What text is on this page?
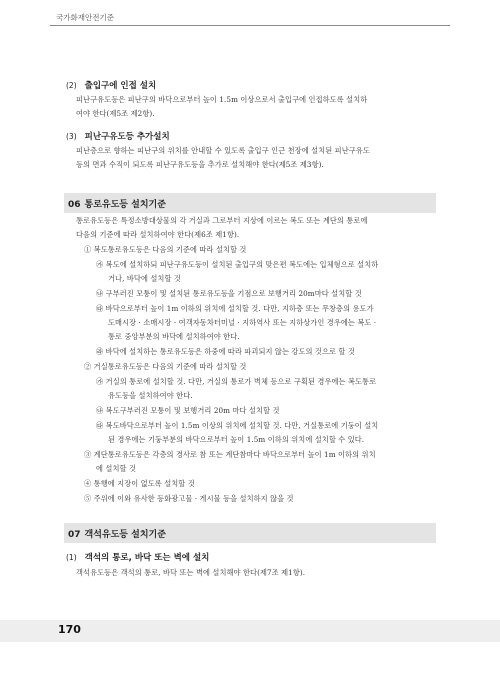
국가화재안전기준
(2) 출입구에 인접 설치
피난구유도등은 피난구의 바닥으로부터 높이 1.5m 이상으로서 출입구에 인접하도록 설치하
여야 한다(제5조 제2항).
(3) 피난구유도등 추가설치
피난층으로 향하는 피난구의 위치를 안내할 수 있도록 출입구 인근 천장에 설치된 피난구유도
등의 면과 수직이 되도록 피난구유도등을 추가로 설치해야 한다(제5조 제3항).
06 통로유도등 설치기준
통로유도등은 특정소방대상물의 각 거실과 그로부터 지상에 이르는 복도 또는 계단의 통로에
다음의 기준에 따라 설치하여야 한다(제6조 제1항).
① 복도통로유도등은 다음의 기준에 따라 설치할 것
㉮ 복도에 설치하되 피난구유도등이 설치된 출입구의 맞은편 복도에는 입체형으로 설치하
거나, 바닥에 설치할 것
㉯ 구부러진 모퉁이 및 설치된 통로유도등을 기점으로 보행거리 20m마다 설치할 것
㉰ 바닥으로부터 높이 1m 이하의 위치에 설치할 것. 다만, 지하층 또는 무창층의 용도가
도매시장 · 소매시장 · 여객자동차터미널 · 지하역사 또는 지하상가인 경우에는 복도 ·
통로 중앙부분의 바닥에 설치하여야 한다.
㉱ 바닥에 설치하는 통로유도등은 하중에 따라 파괴되지 않는 강도의 것으로 할 것
② 거실통로유도등은 다음의 기준에 따라 설치할 것
㉮ 거실의 통로에 설치할 것. 다만, 거실의 통로가 벽체 등으로 구획된 경우에는 복도통로
유도등을 설치하여야 한다.
㉯ 복도구부러진 모퉁이 및 보행거리 20m 마다 설치할 것
㉰ 복도바닥으로부터 높이 1.5m 이상의 위치에 설치할 것. 다만, 거실통로에 기둥이 설치
된 경우에는 기둥부분의 바닥으로부터 높이 1.5m 이하의 위치에 설치할 수 있다.
③ 계단통로유도등은 각층의 경사로 참 또는 계단참마다 바닥으로부터 높이 1m 이하의 위치
에 설치할 것
④ 통행에 지장이 없도록 설치할 것
⑤ 주위에 이와 유사한 등화광고물 · 게시물 등을 설치하지 않을 것
07 객석유도등 설치기준
(1) 객석의 통로, 바닥 또는 벽에 설치
객석유도등은 객석의 통로, 바닥 또는 벽에 설치해야 한다(제7조 제1항).
170
